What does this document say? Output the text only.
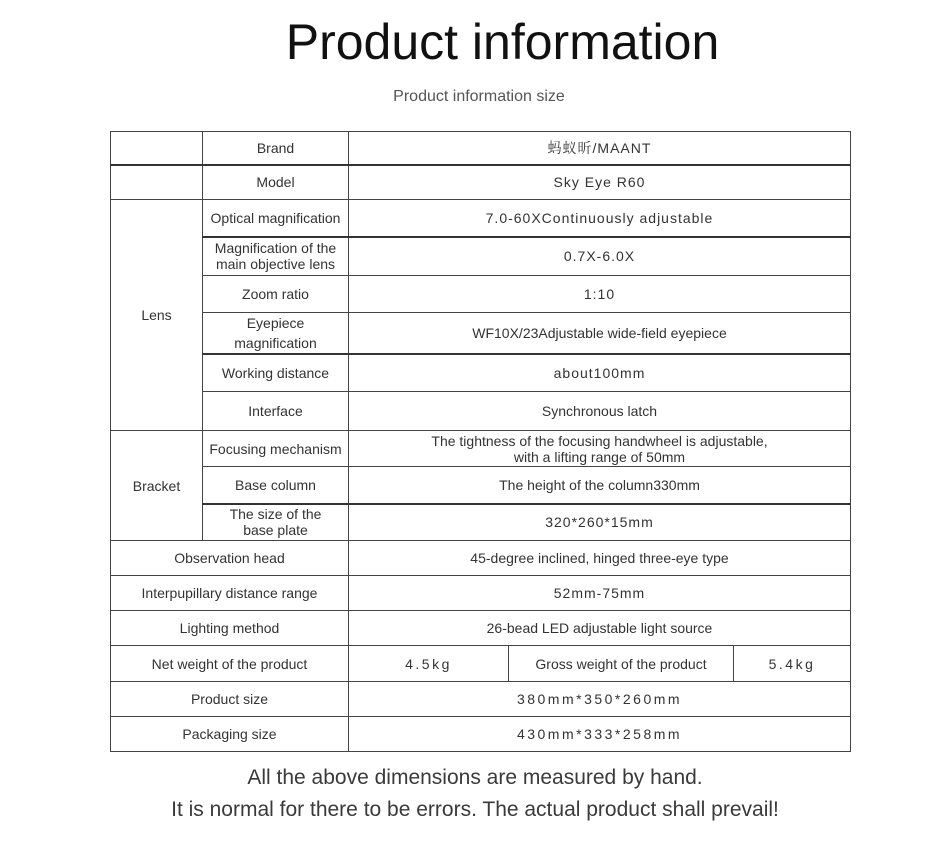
Product information
Product information size
	Brand	蚂蚁昕/MAANT		
	Model	Sky Eye R60		
Lens	Optical magnification	7.0-60XContinuously adjustable		

	Magnification of the
main objective lens	0.7X-6.0X		
	Zoom ratio	1:10		

	Eyepiece
magnification	WF10X/23Adjustable wide-field eyepiece		
	Working distance	about100mm		
	Interface	Synchronous latch		
Bracket	Focusing mechanism	The tightness of the focusing handwheel is adjustable,
with a lifting range of 50mm		

	Base column	The height of the column330mm		

	The size of the
base plate	320*260*15mm		
Observation head		45-degree inclined, hinged three-eye type		
Interpupillary distance range		52mm-75mm		
Lighting method		26-bead LED adjustable light source		
Net weight of the product		4.5kg	Gross weight of the product	5.4kg
Product size		380mm*350*260mm		
Packaging size		430mm*333*258mm		
All the above dimensions are measured by hand.
It is normal for there to be errors. The actual product shall prevail!
